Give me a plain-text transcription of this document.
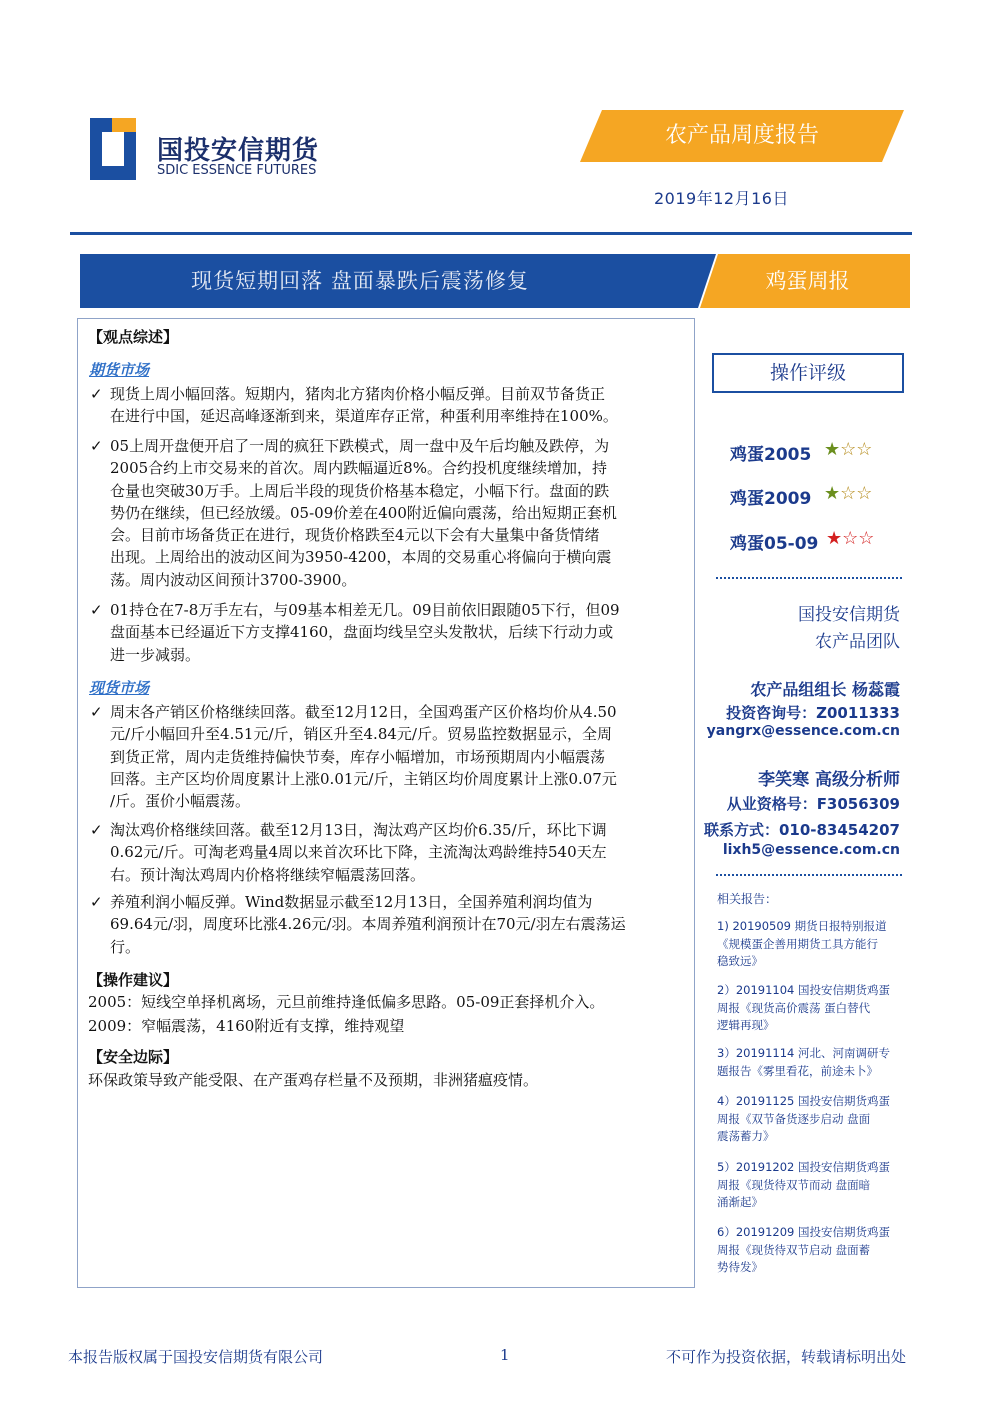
国投安信期货
SDIC ESSENCE FUTURES
农产品周度报告
2019年12月16日
现货短期回落 盘面暴跌后震荡修复	鸡蛋周报
【观点综述】
期货市场
✓ 现货上周小幅回落。短期内，猪肉北方猪肉价格小幅反弹。目前双节备货正
在进行中国，延迟高峰逐渐到来，渠道库存正常，种蛋利用率维持在100%。
✓ 05上周开盘便开启了一周的疯狂下跌模式，周一盘中及午后均触及跌停，为
2005合约上市交易来的首次。周内跌幅逼近8%。合约投机度继续增加，持
仓量也突破30万手。上周后半段的现货价格基本稳定，小幅下行。盘面的跌
势仍在继续，但已经放缓。05-09价差在400附近偏向震荡，给出短期正套机
会。目前市场备货正在进行，现货价格跌至4元以下会有大量集中备货情绪
出现。上周给出的波动区间为3950-4200，本周的交易重心将偏向于横向震
荡。周内波动区间预计3700-3900。
✓ 01持仓在7-8万手左右，与09基本相差无几。09目前依旧跟随05下行，但09
盘面基本已经逼近下方支撑4160，盘面均线呈空头发散状，后续下行动力或
进一步减弱。
现货市场
✓ 周末各产销区价格继续回落。截至12月12日，全国鸡蛋产区价格均价从4.50
元/斤小幅回升至4.51元/斤，销区升至4.84元/斤。贸易监控数据显示，全周
到货正常，周内走货维持偏快节奏，库存小幅增加，市场预期周内小幅震荡
回落。主产区均价周度累计上涨0.01元/斤，主销区均价周度累计上涨0.07元
/斤。蛋价小幅震荡。
✓ 淘汰鸡价格继续回落。截至12月13日，淘汰鸡产区均价6.35/斤，环比下调
0.62元/斤。可淘老鸡量4周以来首次环比下降，主流淘汰鸡龄维持540天左
右。预计淘汰鸡周内价格将继续窄幅震荡回落。
✓ 养殖利润小幅反弹。Wind数据显示截至12月13日，全国养殖利润均值为
69.64元/羽，周度环比涨4.26元/羽。本周养殖利润预计在70元/羽左右震荡运
行。
【操作建议】
2005：短线空单择机离场，元旦前维持逢低偏多思路。05-09正套择机介入。
2009：窄幅震荡，4160附近有支撑，维持观望
【安全边际】
环保政策导致产能受限、在产蛋鸡存栏量不及预期，非洲猪瘟疫情。
操作评级
鸡蛋2005 ★☆☆
鸡蛋2009 ★☆☆
鸡蛋05-09 ★☆☆
国投安信期货
农产品团队
农产品组组长 杨蕊霞
投资咨询号：Z0011333
yangrx@essence.com.cn
李笑寒 高级分析师
从业资格号：F3056309
联系方式：010-83454207
lixh5@essence.com.cn
相关报告：
1) 20190509 期货日报特别报道
《规模蛋企善用期货工具方能行
稳致远》
2）20191104 国投安信期货鸡蛋
周报《现货高价震荡 蛋白替代
逻辑再现》
3）20191114 河北、河南调研专
题报告《雾里看花，前途未卜》
4）20191125 国投安信期货鸡蛋
周报《双节备货逐步启动 盘面
震荡蓄力》
5）20191202 国投安信期货鸡蛋
周报《现货待双节而动 盘面暗
涌渐起》
6）20191209 国投安信期货鸡蛋
周报《现货待双节启动 盘面蓄
势待发》
本报告版权属于国投安信期货有限公司	1	不可作为投资依据，转载请标明出处
